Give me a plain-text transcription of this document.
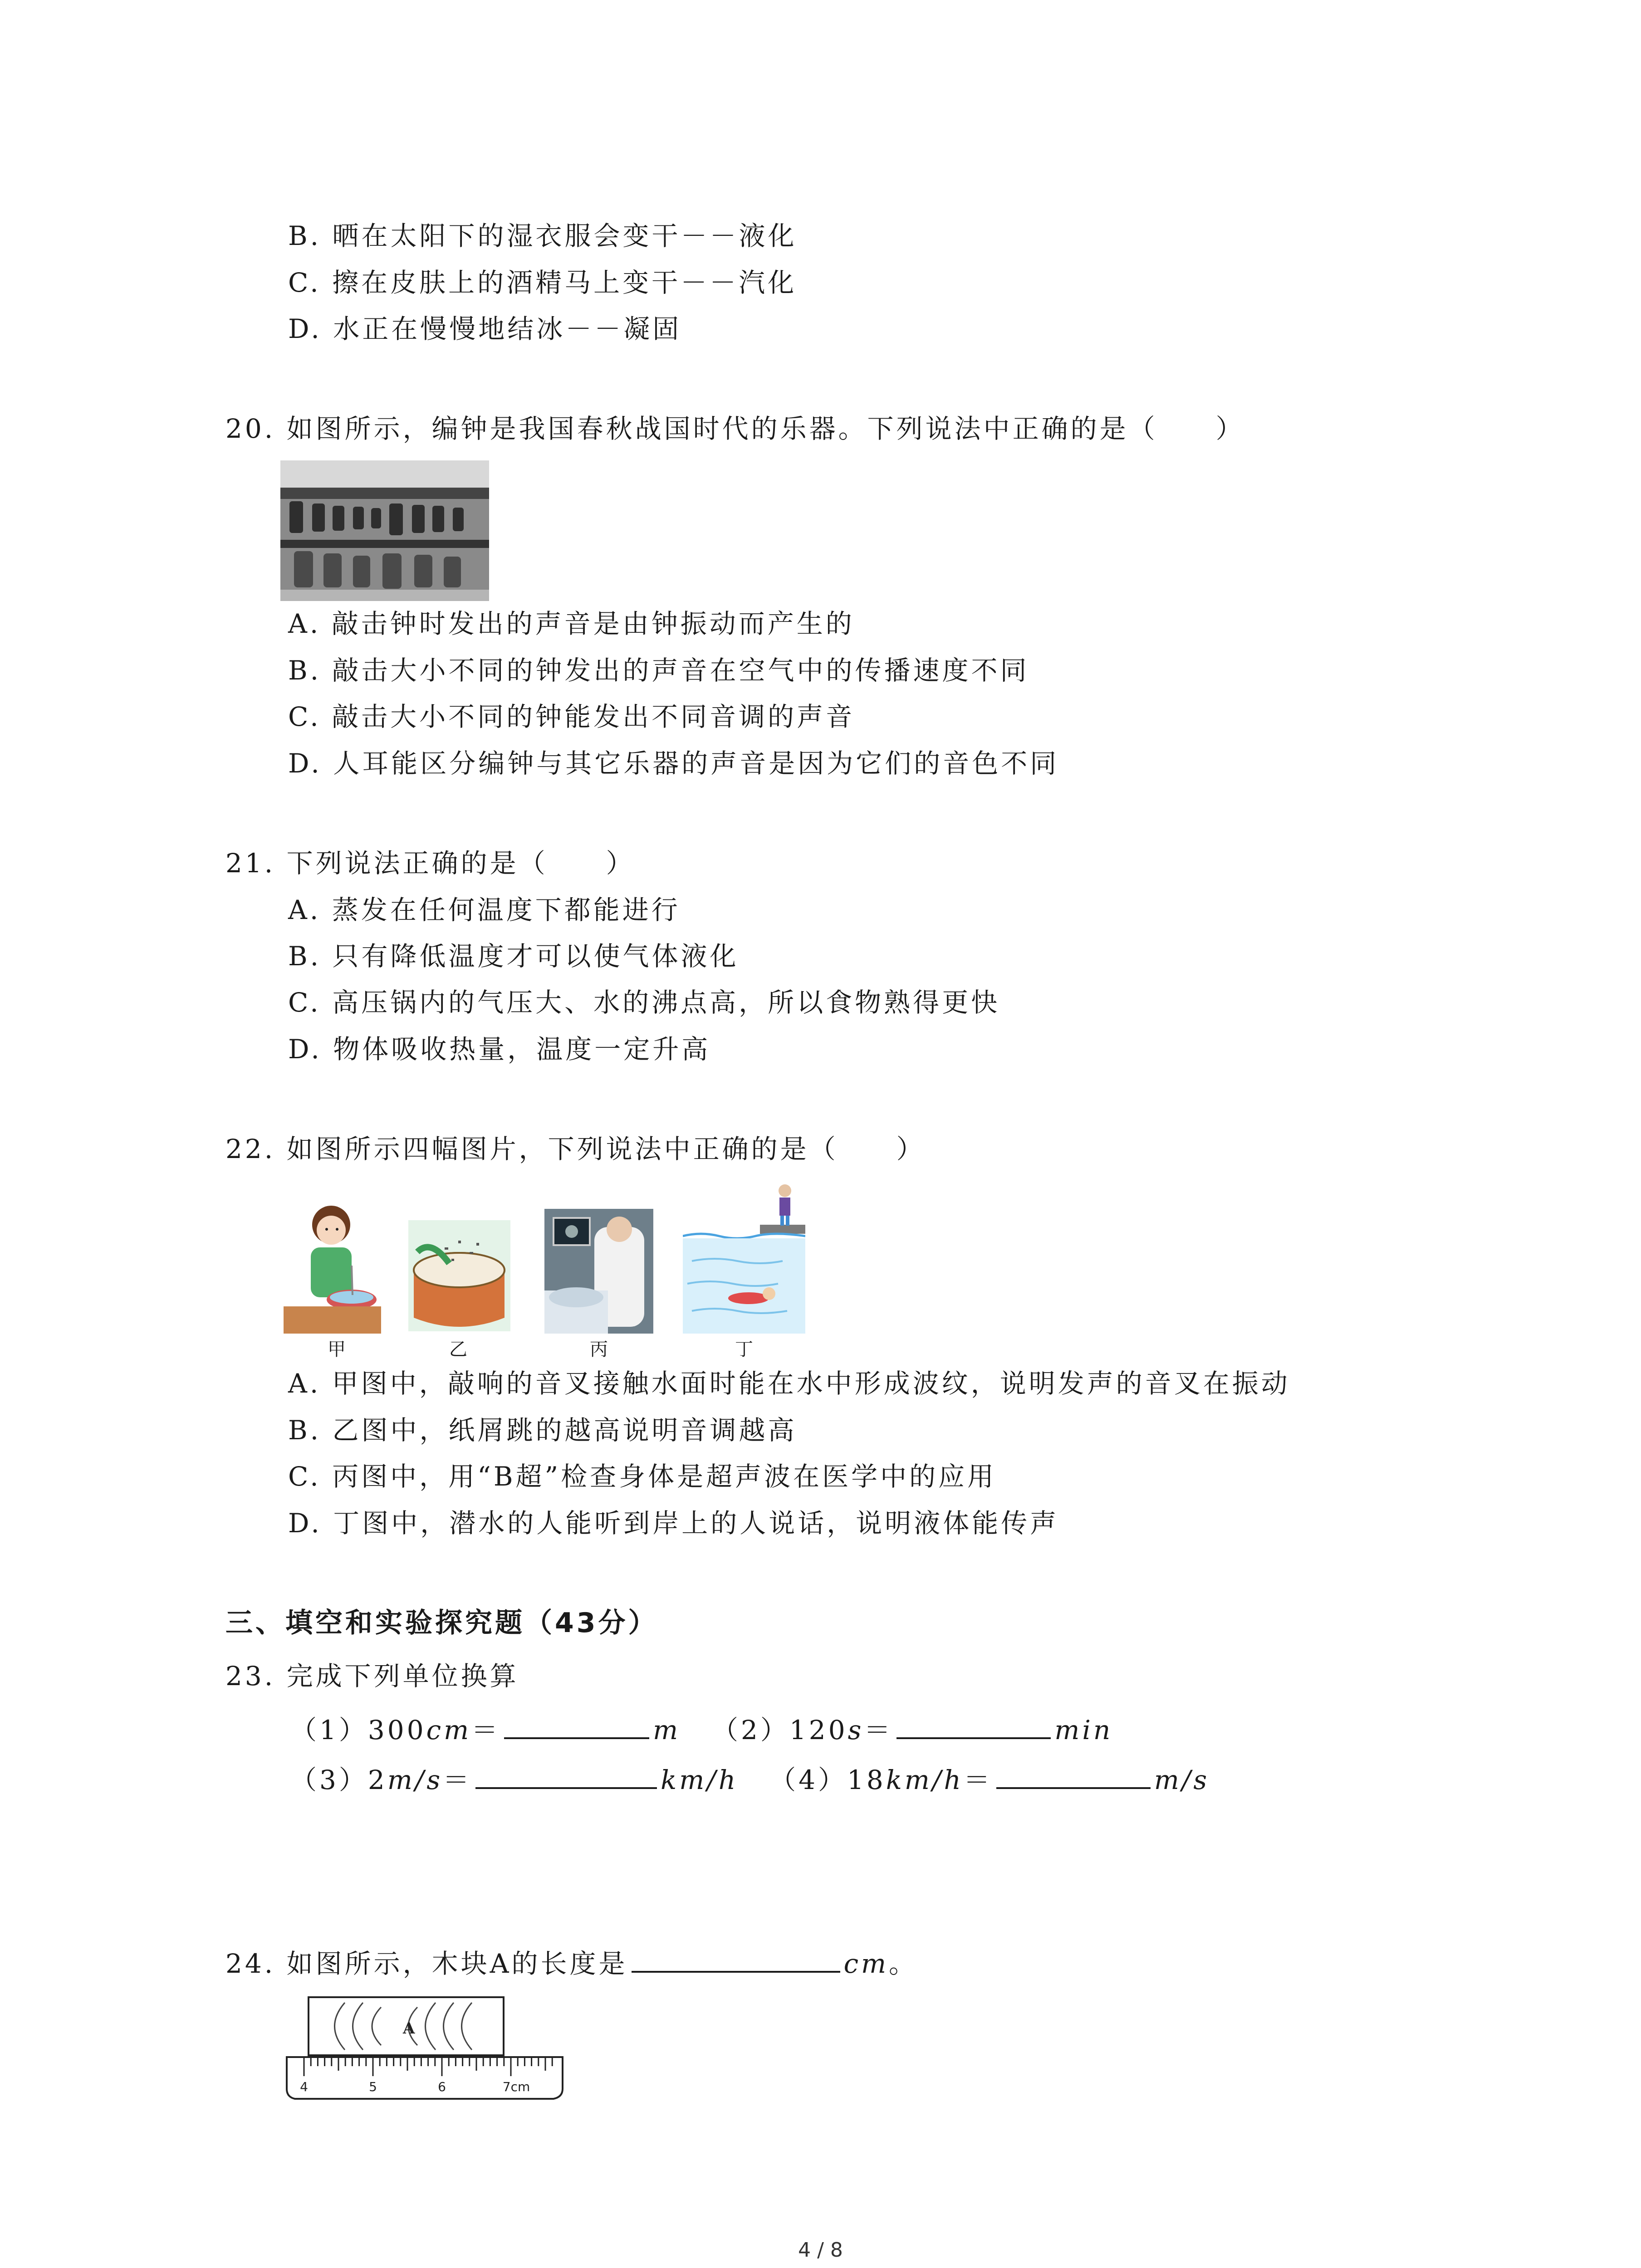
B. 晒在太阳下的湿衣服会变干－－液化
C. 擦在皮肤上的酒精马上变干－－汽化
D. 水正在慢慢地结冰－－凝固
20. 如图所示，编钟是我国春秋战国时代的乐器。下列说法中正确的是（　　）
A. 敲击钟时发出的声音是由钟振动而产生的
B. 敲击大小不同的钟发出的声音在空气中的传播速度不同
C. 敲击大小不同的钟能发出不同音调的声音
D. 人耳能区分编钟与其它乐器的声音是因为它们的音色不同
21. 下列说法正确的是（　　）
A. 蒸发在任何温度下都能进行
B. 只有降低温度才可以使气体液化
C. 高压锅内的气压大、水的沸点高，所以食物熟得更快
D. 物体吸收热量，温度一定升高
22. 如图所示四幅图片，下列说法中正确的是（　　）
甲	乙	丙	丁
A. 甲图中，敲响的音叉接触水面时能在水中形成波纹，说明发声的音叉在振动
B. 乙图中，纸屑跳的越高说明音调越高
C. 丙图中，用“B超”检查身体是超声波在医学中的应用
D. 丁图中，潜水的人能听到岸上的人说话，说明液体能传声
三、填空和实验探究题（43分）
23. 完成下列单位换算
（1）300cm＝	m （2）120s＝	min
（3）2m/s＝	km/h （4）18km/h＝	m/s
24. 如图所示，木块A的长度是	cm。
A
4	5	6	7cm
4 / 8
